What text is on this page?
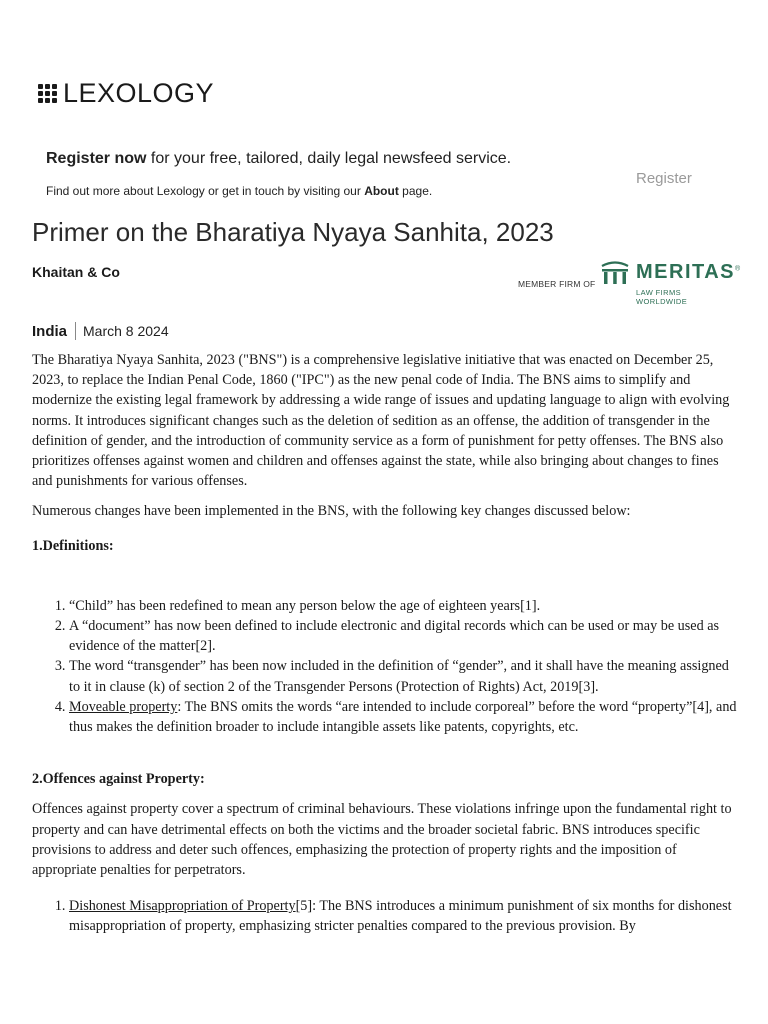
LEXOLOGY
Register now for your free, tailored, daily legal newsfeed service.
Find out more about Lexology or get in touch by visiting our About page.
Register
Primer on the Bharatiya Nyaya Sanhita, 2023
Khaitan & Co
MEMBER FIRM OF
MERITAS®
LAW FIRMS WORLDWIDE
India March 8 2024

The Bharatiya Nyaya Sanhita, 2023 ("BNS") is a comprehensive legislative initiative that was enacted on December 25, 2023, to replace the Indian Penal Code, 1860 ("IPC") as the new penal code of India. The BNS aims to simplify and modernize the existing legal framework by addressing a wide range of issues and updating language to align with evolving norms. It introduces significant changes such as the deletion of sedition as an offense, the addition of transgender in the definition of gender, and the introduction of community service as a form of punishment for petty offenses. The BNS also prioritizes offenses against women and children and offenses against the state, while also bringing about changes to fines and punishments for various offenses.

Numerous changes have been implemented in the BNS, with the following key changes discussed below:

1.Definitions:

1. “Child” has been redefined to mean any person below the age of eighteen years[1].
2. A “document” has now been defined to include electronic and digital records which can be used or may be used as evidence of the matter[2].
3. The word “transgender” has been now included in the definition of “gender”, and it shall have the meaning assigned to it in clause (k) of section 2 of the Transgender Persons (Protection of Rights) Act, 2019[3].
4. Moveable property: The BNS omits the words “are intended to include corporeal” before the word “property”[4], and thus makes the definition broader to include intangible assets like patents, copyrights, etc.

2.Offences against Property:

Offences against property cover a spectrum of criminal behaviours. These violations infringe upon the fundamental right to property and can have detrimental effects on both the victims and the broader societal fabric. BNS introduces specific provisions to address and deter such offences, emphasizing the protection of property rights and the imposition of appropriate penalties for perpetrators.

1. Dishonest Misappropriation of Property[5]: The BNS introduces a minimum punishment of six months for dishonest misappropriation of property, emphasizing stricter penalties compared to the previous provision. By
